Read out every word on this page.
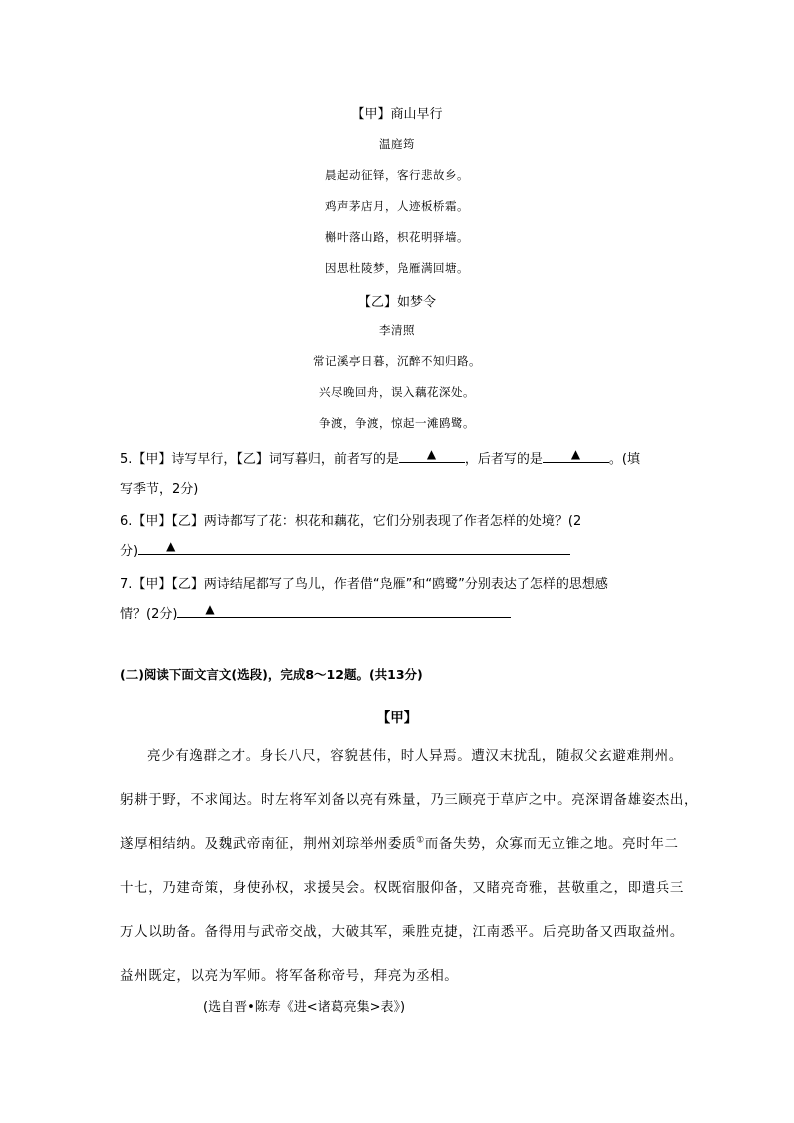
【甲】商山早行
温庭筠
晨起动征铎，客行悲故乡。
鸡声茅店月，人迹板桥霜。
槲叶落山路，枳花明驿墙。
因思杜陵梦，凫雁满回塘。
【乙】如梦令
李清照
常记溪亭日暮，沉醉不知归路。
兴尽晚回舟，误入藕花深处。
争渡，争渡，惊起一滩鸥鹭。
5.【甲】诗写早行，【乙】词写暮归，前者写的是 ▲ ，后者写的是 ▲ 。(填
写季节，2分)
6.【甲】【乙】两诗都写了花：枳花和藕花，它们分别表现了作者怎样的处境？(2
分) ▲
7.【甲】【乙】两诗结尾都写了鸟儿，作者借“凫雁”和“鸥鹭”分别表达了怎样的思想感
情？(2分) ▲
(二)阅读下面文言文(选段)，完成8～12题。(共13分)
【甲】
亮少有逸群之才。身长八尺，容貌甚伟，时人异焉。遭汉末扰乱，随叔父玄避难荆州。
躬耕于野，不求闻达。时左将军刘备以亮有殊量，乃三顾亮于草庐之中。亮深谓备雄姿杰出，
遂厚相结纳。及魏武帝南征，荆州刘琮举州委质①而备失势，众寡而无立锥之地。亮时年二
十七，乃建奇策，身使孙权，求援吴会。权既宿服仰备，又睹亮奇雅，甚敬重之，即遣兵三
万人以助备。备得用与武帝交战，大破其军，乘胜克捷，江南悉平。后亮助备又西取益州。
益州既定，以亮为军师。将军备称帝号，拜亮为丞相。
(选自晋•陈寿《进<诸葛亮集>表》)
